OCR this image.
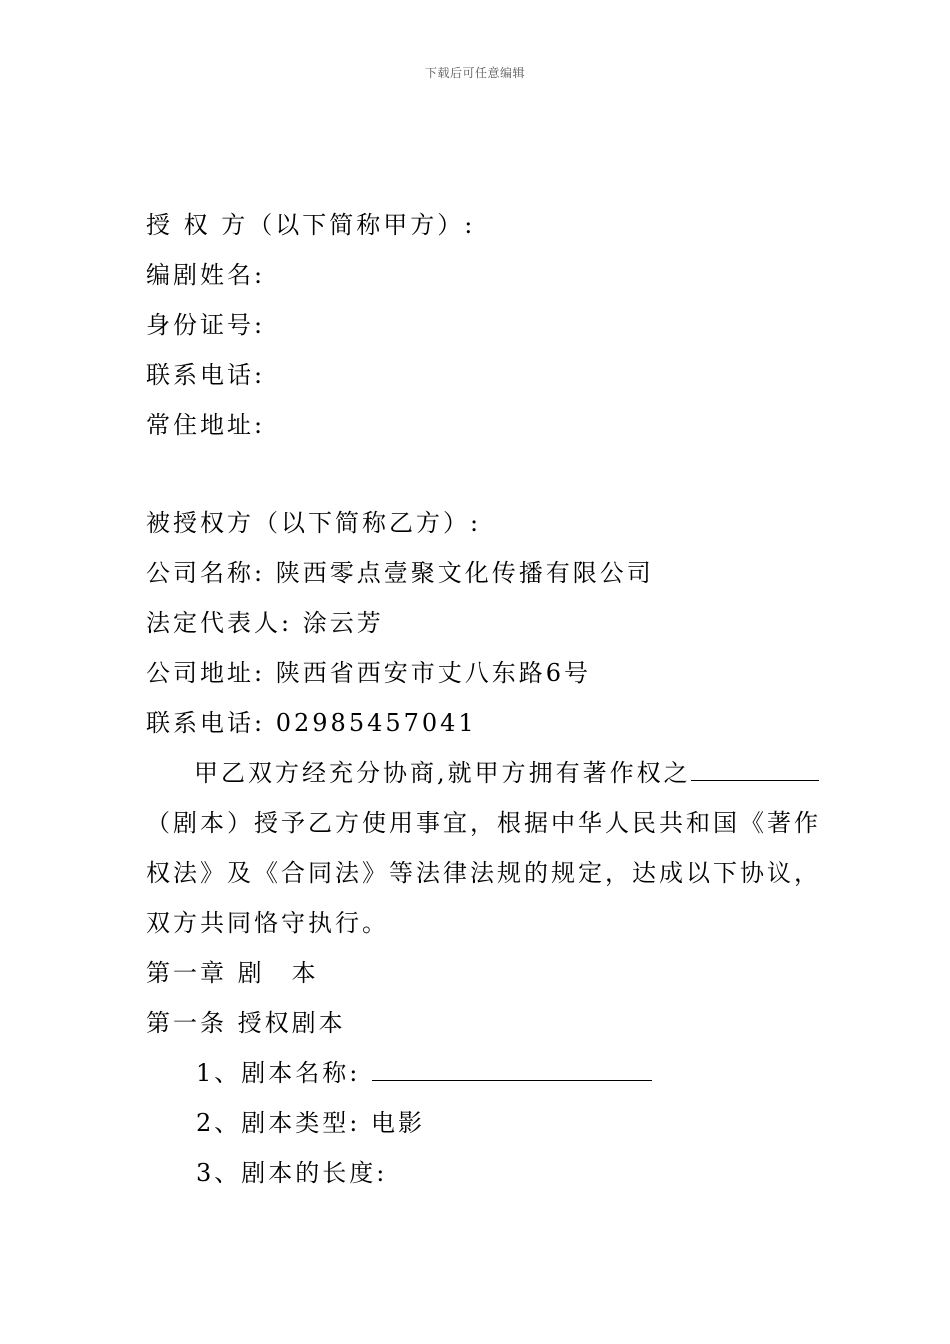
下载后可任意编辑
授 权 方（以下简称甲方）:
编剧姓名:
身份证号:
联系电话:
常住地址:
被授权方（以下简称乙方）:
公司名称: 陕西零点壹聚文化传播有限公司
法定代表人: 涂云芳
公司地址: 陕西省西安市丈八东路6号
联系电话: 02985457041
甲乙双方经充分协商,就甲方拥有著作权之
（剧本）授予乙方使用事宜，根据中华人民共和国《著作
权法》及《合同法》等法律法规的规定，达成以下协议，
双方共同恪守执行。
第一章 剧　本
第一条 授权剧本
1、剧本名称:
2、剧本类型: 电影
3、剧本的长度:
